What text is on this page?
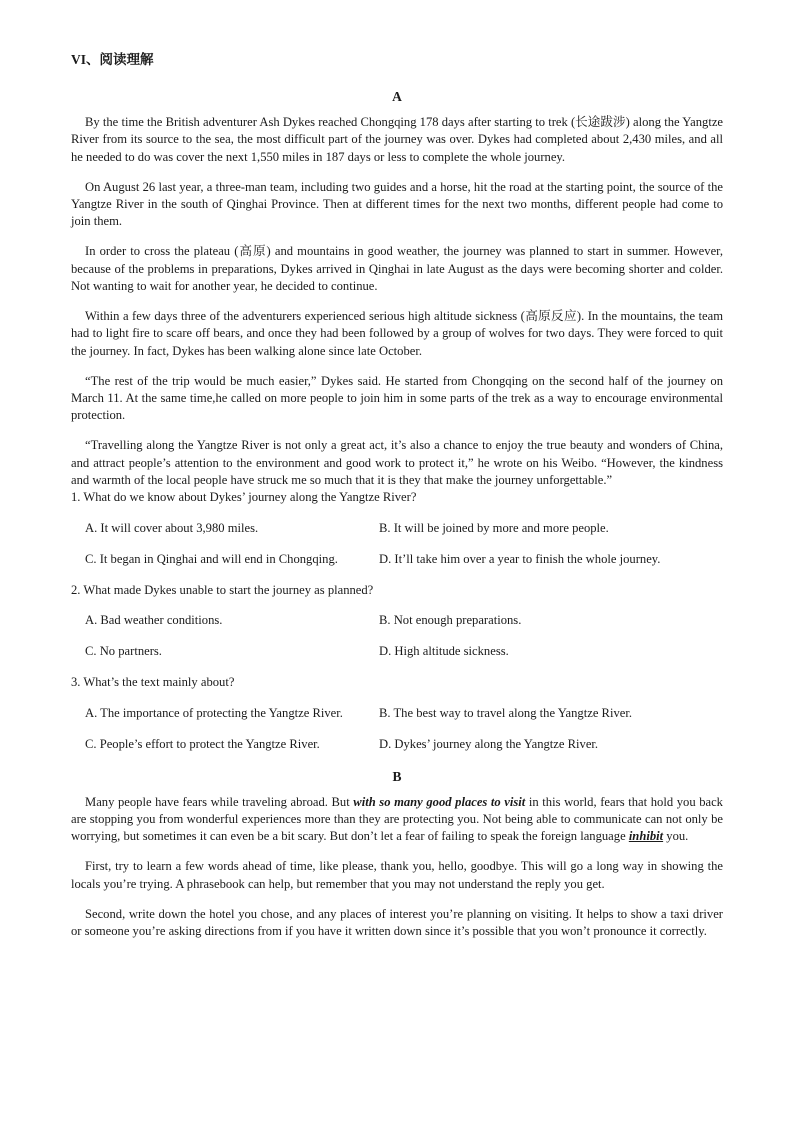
VI、阅读理解
A

By the time the British adventurer Ash Dykes reached Chongqing 178 days after starting to trek (长途跋涉) along the Yangtze River from its source to the sea, the most difficult part of the journey was over. Dykes had completed about 2,430 miles, and all he needed to do was cover the next 1,550 miles in 187 days or less to complete the whole journey.

On August 26 last year, a three-man team, including two guides and a horse, hit the road at the starting point, the source of the Yangtze River in the south of Qinghai Province. Then at different times for the next two months, different people had come to join them.

In order to cross the plateau (高原) and mountains in good weather, the journey was planned to start in summer. However, because of the problems in preparations, Dykes arrived in Qinghai in late August as the days were becoming shorter and colder. Not wanting to wait for another year, he decided to continue.

Within a few days three of the adventurers experienced serious high altitude sickness (高原反应). In the mountains, the team had to light fire to scare off bears, and once they had been followed by a group of wolves for two days. They were forced to quit the journey. In fact, Dykes has been walking alone since late October.

“The rest of the trip would be much easier,” Dykes said. He started from Chongqing on the second half of the journey on March 11. At the same time,he called on more people to join him in some parts of the trek as a way to encourage environmental protection.

“Travelling along the Yangtze River is not only a great act, it’s also a chance to enjoy the true beauty and wonders of China, and attract people’s attention to the environment and good work to protect it,” he wrote on his Weibo. “However, the kindness and warmth of the local people have struck me so much that it is they that make the journey unforgettable.”

1. What do we know about Dykes’ journey along the Yangtze River?
A. It will cover about 3,980 miles.	B. It will be joined by more and more people.
C. It began in Qinghai and will end in Chongqing.	D. It’ll take him over a year to finish the whole journey.
2. What made Dykes unable to start the journey as planned?
A. Bad weather conditions.	B. Not enough preparations.
C. No partners.	D. High altitude sickness.
3. What’s the text mainly about?
A. The importance of protecting the Yangtze River.	B. The best way to travel along the Yangtze River.
C. People’s effort to protect the Yangtze River.	D. Dykes’ journey along the Yangtze River.
B

Many people have fears while traveling abroad. But with so many good places to visit in this world, fears that hold you back are stopping you from wonderful experiences more than they are protecting you. Not being able to communicate can not only be worrying, but sometimes it can even be a bit scary. But don’t let a fear of failing to speak the foreign language inhibit you.

First, try to learn a few words ahead of time, like please, thank you, hello, goodbye. This will go a long way in showing the locals you’re trying. A phrasebook can help, but remember that you may not understand the reply you get.

Second, write down the hotel you chose, and any places of interest you’re planning on visiting. It helps to show a taxi driver or someone you’re asking directions from if you have it written down since it’s possible that you won’t pronounce it correctly.
